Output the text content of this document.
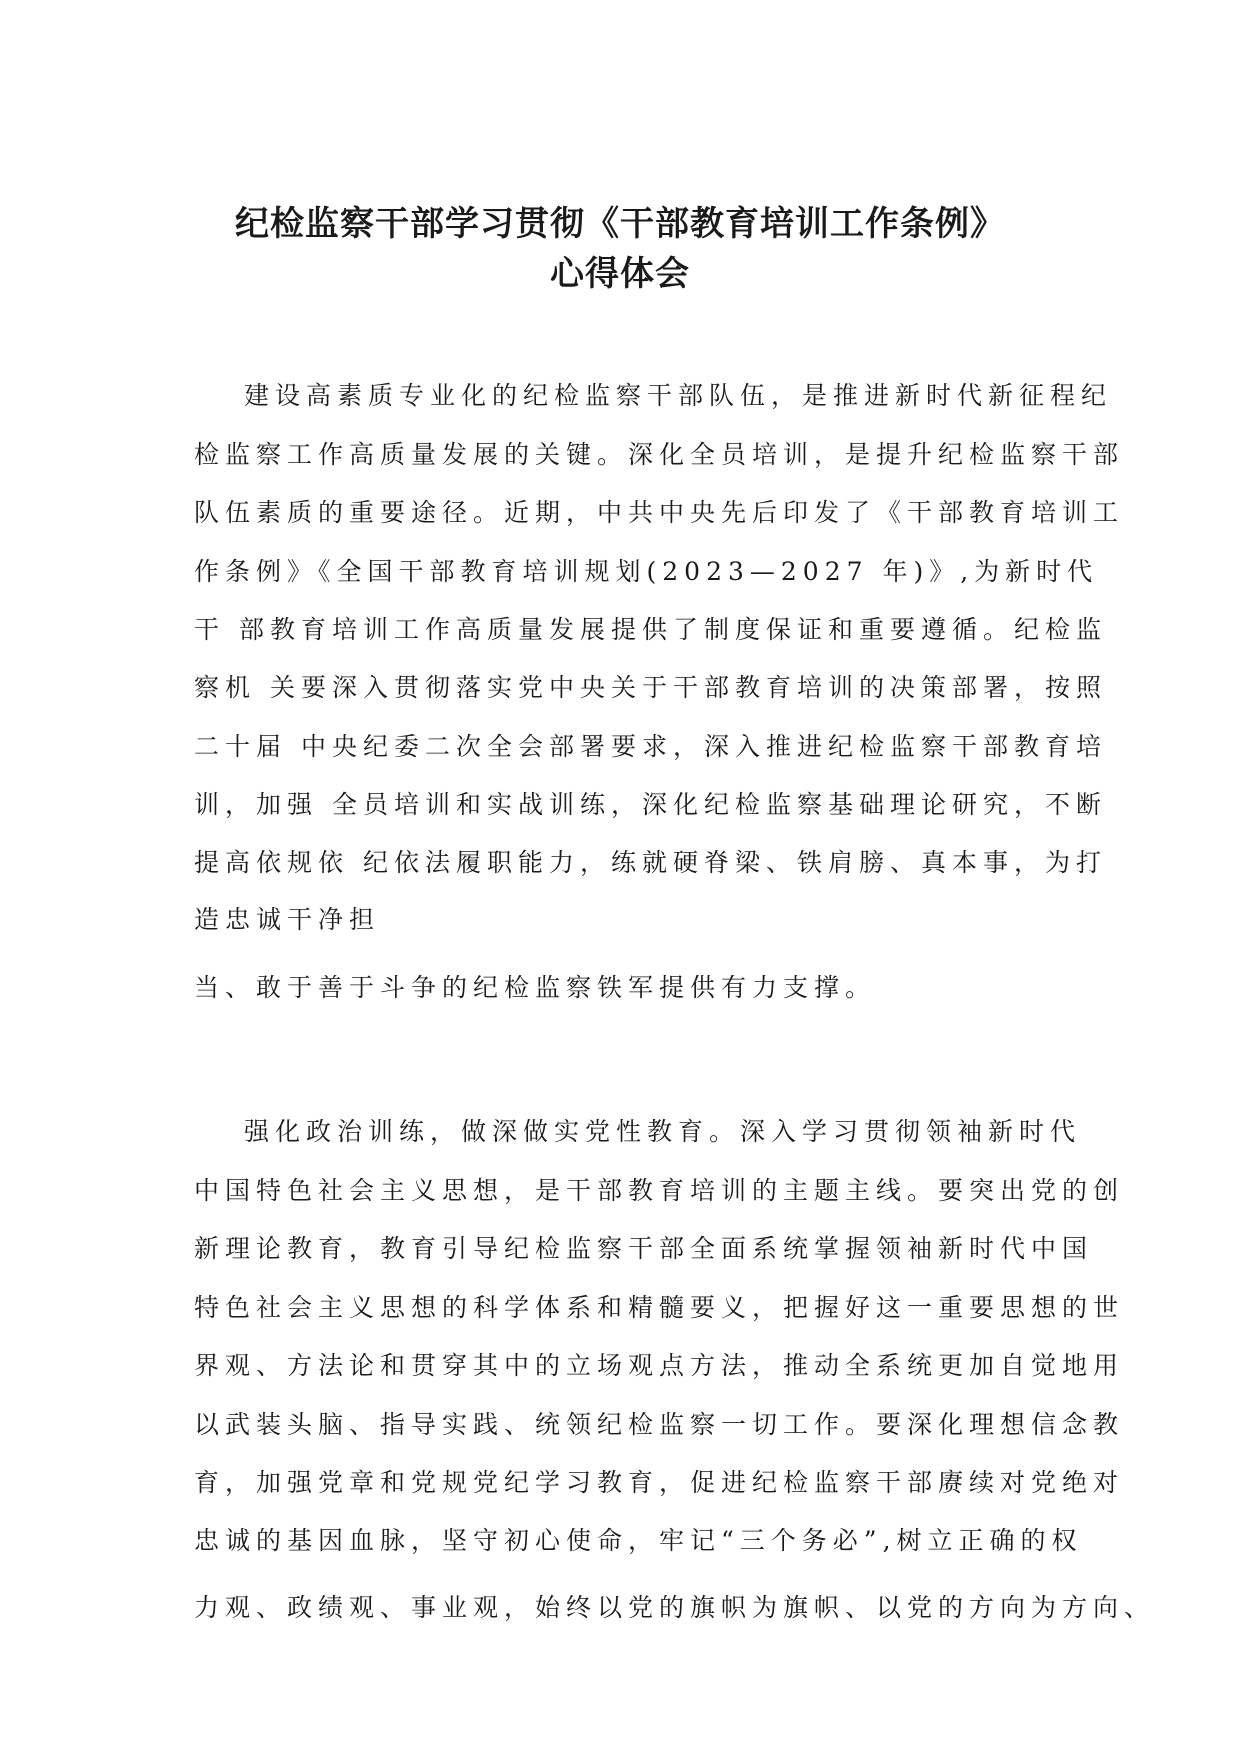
纪检监察干部学习贯彻《干部教育培训工作条例》
心得体会
建设高素质专业化的纪检监察干部队伍，是推进新时代新征程纪
检监察工作高质量发展的关键。深化全员培训，是提升纪检监察干部
队伍素质的重要途径。近期，中共中央先后印发了《干部教育培训工
作条例》《全国干部教育培训规划(2023—2027 年)》,为新时代
干 部教育培训工作高质量发展提供了制度保证和重要遵循。纪检监
察机 关要深入贯彻落实党中央关于干部教育培训的决策部署，按照
二十届 中央纪委二次全会部署要求，深入推进纪检监察干部教育培
训，加强 全员培训和实战训练，深化纪检监察基础理论研究，不断
提高依规依 纪依法履职能力，练就硬脊梁、铁肩膀、真本事，为打
造忠诚干净担
当、敢于善于斗争的纪检监察铁军提供有力支撑。
强化政治训练，做深做实党性教育。深入学习贯彻领袖新时代
中国特色社会主义思想，是干部教育培训的主题主线。要突出党的创
新理论教育，教育引导纪检监察干部全面系统掌握领袖新时代中国
特色社会主义思想的科学体系和精髓要义，把握好这一重要思想的世
界观、方法论和贯穿其中的立场观点方法，推动全系统更加自觉地用
以武装头脑、指导实践、统领纪检监察一切工作。要深化理想信念教
育，加强党章和党规党纪学习教育，促进纪检监察干部赓续对党绝对
忠诚的基因血脉，坚守初心使命，牢记“三个务必”,树立正确的权
力观、政绩观、事业观，始终以党的旗帜为旗帜、以党的方向为方向、
